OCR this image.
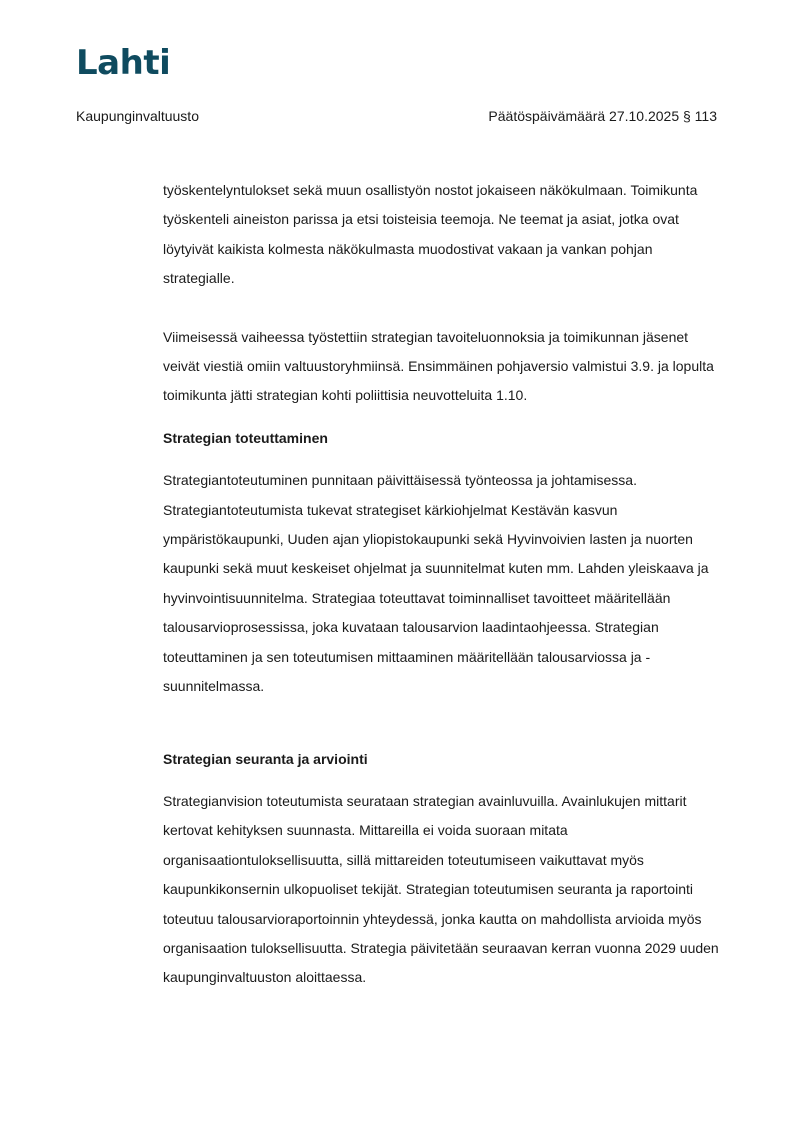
Lahti
Kaupunginvaltuusto	Päätöspäivämäärä 27.10.2025 § 113

työskentelyntulokset sekä muun osallistyön nostot jokaiseen näkökulmaan. Toimikunta työskenteli aineiston parissa ja etsi toisteisia teemoja. Ne teemat ja asiat, jotka ovat löytyivät kaikista kolmesta näkökulmasta muodostivat vakaan ja vankan pohjan strategialle.

Viimeisessä vaiheessa työstettiin strategian tavoiteluonnoksia ja toimikunnan jäsenet veivät viestiä omiin valtuustoryhmiinsä. Ensimmäinen pohjaversio valmistui 3.9. ja lopulta toimikunta jätti strategian kohti poliittisia neuvotteluita 1.10.

Strategian toteuttaminen

Strategiantoteutuminen punnitaan päivittäisessä työnteossa ja johtamisessa. Strategiantoteutumista tukevat strategiset kärkiohjelmat Kestävän kasvun ympäristökaupunki, Uuden ajan yliopistokaupunki sekä Hyvinvoivien lasten ja nuorten kaupunki sekä muut keskeiset ohjelmat ja suunnitelmat kuten mm. Lahden yleiskaava ja hyvinvointisuunnitelma. Strategiaa toteuttavat toiminnalliset tavoitteet määritellään talousarvioprosessissa, joka kuvataan talousarvion laadintaohjeessa. Strategian toteuttaminen ja sen toteutumisen mittaaminen määritellään talousarviossa ja -suunnitelmassa.

Strategian seuranta ja arviointi

Strategianvision toteutumista seurataan strategian avainluvuilla. Avainlukujen mittarit kertovat kehityksen suunnasta. Mittareilla ei voida suoraan mitata organisaationtuloksellisuutta, sillä mittareiden toteutumiseen vaikuttavat myös kaupunkikonsernin ulkopuoliset tekijät. Strategian toteutumisen seuranta ja raportointi toteutuu talousarvioraportoinnin yhteydessä, jonka kautta on mahdollista arvioida myös organisaation tuloksellisuutta. Strategia päivitetään seuraavan kerran vuonna 2029 uuden kaupunginvaltuuston aloittaessa.
